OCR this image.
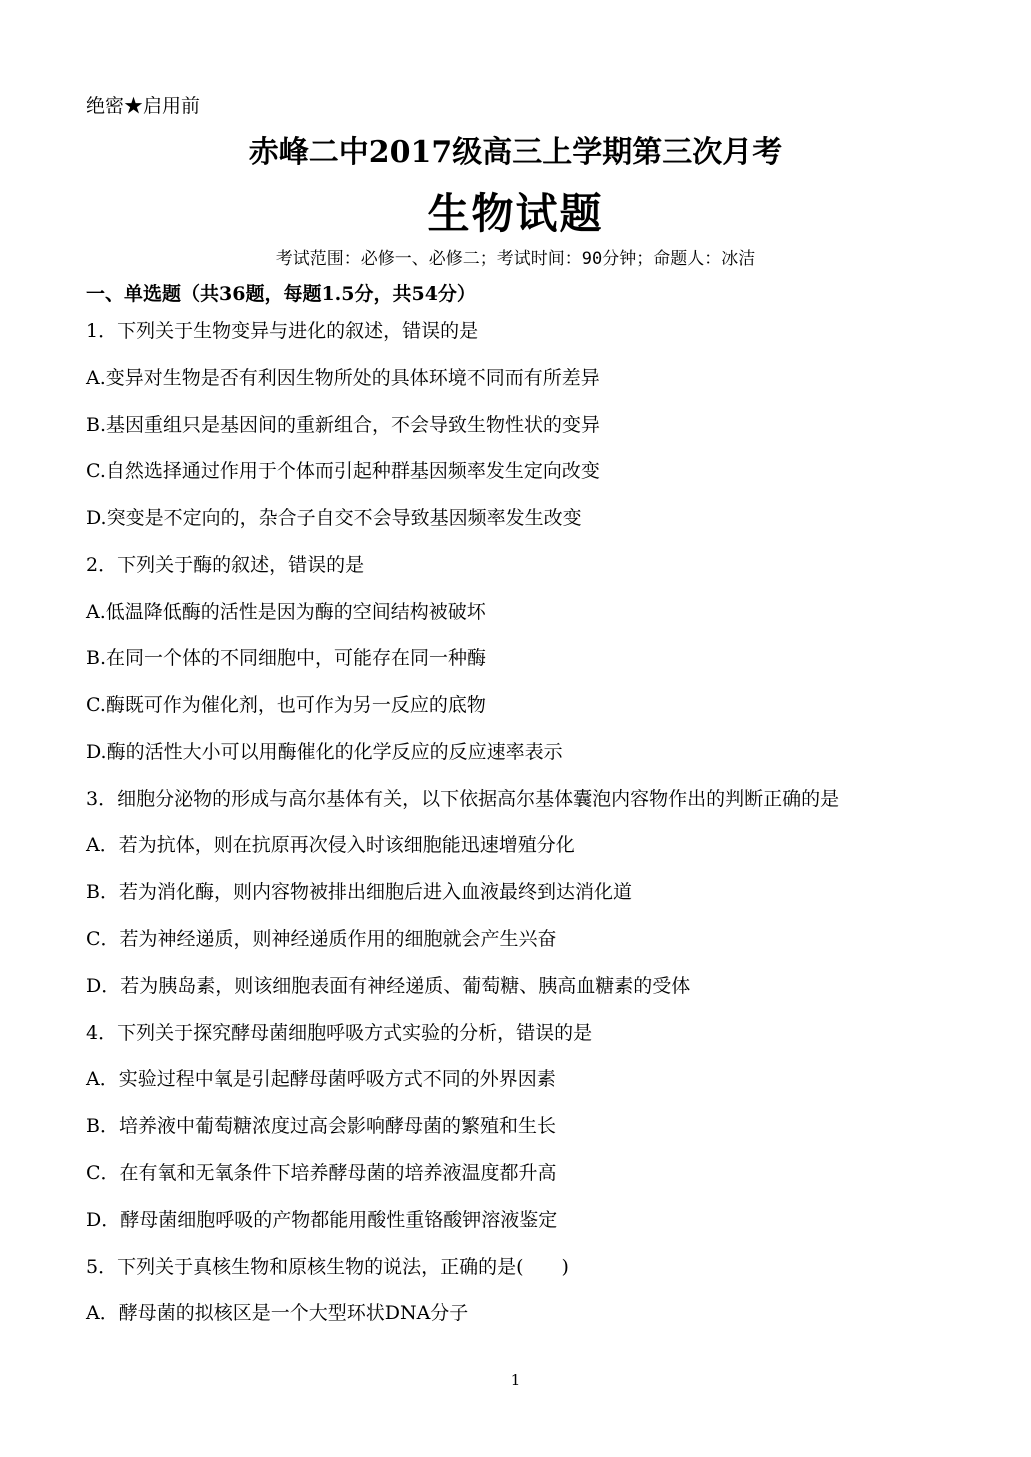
绝密★启用前
赤峰二中2017级高三上学期第三次月考
生物试题
考试范围：必修一、必修二；考试时间：90分钟；命题人：冰洁
一、单选题（共36题，每题1.5分，共54分）
1．下列关于生物变异与进化的叙述，错误的是
A.变异对生物是否有利因生物所处的具体环境不同而有所差异
B.基因重组只是基因间的重新组合，不会导致生物性状的变异
C.自然选择通过作用于个体而引起种群基因频率发生定向改变
D.突变是不定向的，杂合子自交不会导致基因频率发生改变
2．下列关于酶的叙述，错误的是
A.低温降低酶的活性是因为酶的空间结构被破坏
B.在同一个体的不同细胞中，可能存在同一种酶
C.酶既可作为催化剂，也可作为另一反应的底物
D.酶的活性大小可以用酶催化的化学反应的反应速率表示
3．细胞分泌物的形成与高尔基体有关，以下依据高尔基体囊泡内容物作出的判断正确的是
A．若为抗体，则在抗原再次侵入时该细胞能迅速增殖分化
B．若为消化酶，则内容物被排出细胞后进入血液最终到达消化道
C．若为神经递质，则神经递质作用的细胞就会产生兴奋
D．若为胰岛素，则该细胞表面有神经递质、葡萄糖、胰高血糖素的受体
4．下列关于探究酵母菌细胞呼吸方式实验的分析，错误的是
A．实验过程中氧是引起酵母菌呼吸方式不同的外界因素
B．培养液中葡萄糖浓度过高会影响酵母菌的繁殖和生长
C．在有氧和无氧条件下培养酵母菌的培养液温度都升高
D．酵母菌细胞呼吸的产物都能用酸性重铬酸钾溶液鉴定
5．下列关于真核生物和原核生物的说法，正确的是(　　)
A．酵母菌的拟核区是一个大型环状DNA分子
1
